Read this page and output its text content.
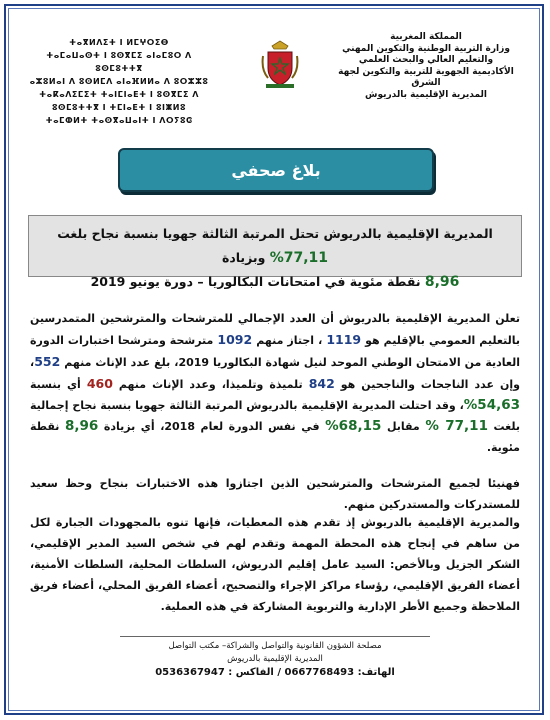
ⵜⴰⴳⵍⴷⵉⵜ ⵏ ⵍⵎⵖⵔⵉⴱ
ⵜⴰⵎⴰⵡⴰⵙⵜ ⵏ ⵓⵙⴳⵎⵉ ⴰⵏⴰⵎⵓⵔ ⴷ ⵓⵙⵎⵓⵜⵜⴳ
ⴰⵣⵓⵍⴰⵏ ⴷ ⵓⵙⵍⵎⴷ ⴰⵏⴰⴼⵍⵍⴰ ⴷ ⵓⵔⵣⵣⵓ
ⵜⴰⴽⴰⴷⵉⵎⵉⵜ ⵜⴰⵏⵎⵏⴰⴹⵜ ⵏ ⵓⵙⴳⵎⵉ ⴷ ⵓⵙⵎⵓⵜⵜⴳ ⵏ ⵜⵎⵏⴰⴹⵜ ⵏ ⵓⵏⵥⵍⵓ
ⵜⴰⵎⵀⵍⵜ ⵜⴰⵙⴳⴰⵡⴰⵏⵜ ⵏ ⴷⵔⵢⵓⵛ
المملكة المغربية
وزارة التربية الوطنية والتكوين المهني
والتعليم العالي والبحث العلمي
الأكاديمية الجهوية للتربية والتكوين لجهة الشرق
المديرية الإقليمية بالدريوش
بلاغ صحفي
المديرية الإقليمية بالدريوش تحتل المرتبة الثالثة جهويا بنسبة نجاح بلغت 77,11% وبزيادة
8,96 نقطة مئوية في امتحانات البكالوريا – دورة يونيو 2019
تعلن المديرية الإقليمية بالدريوش أن العدد الإجمالي للمترشحات والمترشحين المتمدرسين بالتعليم العمومي بالإقليم هو 1119 ، اجتاز منهم 1092 مترشحة ومترشحا اختبارات الدورة العادية من الامتحان الوطني الموحد لنيل شهادة البكالوريا 2019، بلغ عدد الإناث منهم 552، وإن عدد الناجحات والناجحين هو 842 تلميذة وتلميذا، وعدد الإناث منهم 460 أي بنسبة 54,63%، وقد احتلت المديرية الإقليمية بالدريوش المرتبة الثالثة جهويا بنسبة نجاح إجمالية بلغت 77,11 % مقابل 68,15% في نفس الدورة لعام 2018، أي بزيادة 8,96 نقطة مئوية.
فهنيئا لجميع المترشحات والمترشحين الذين اجتازوا هذه الاختبارات بنجاح وحظ سعيد للمستدركات والمستدركين منهم.
والمديرية الإقليمية بالدريوش إذ تقدم هذه المعطيات، فإنها تنوه بالمجهودات الجبارة لكل من ساهم في إنجاح هذه المحطة المهمة وتقدم لهم في شخص السيد المدير الإقليمي، الشكر الجزيل وبالأخص: السيد عامل إقليم الدريوش، السلطات المحلية، السلطات الأمنية، أعضاء الفريق الإقليمي، رؤساء مراكز الإجراء والتصحيح، أعضاء الفريق المحلي، أعضاء فريق الملاحظة وجميع الأطر الإدارية والتربوية المشاركة في هذه العملية.
مصلحة الشؤون القانونية والتواصل والشراكة– مكتب التواصل
المديرية الإقليمية بالدريوش
الهاتف: 0667768493 / الفاكس : 0536367947
